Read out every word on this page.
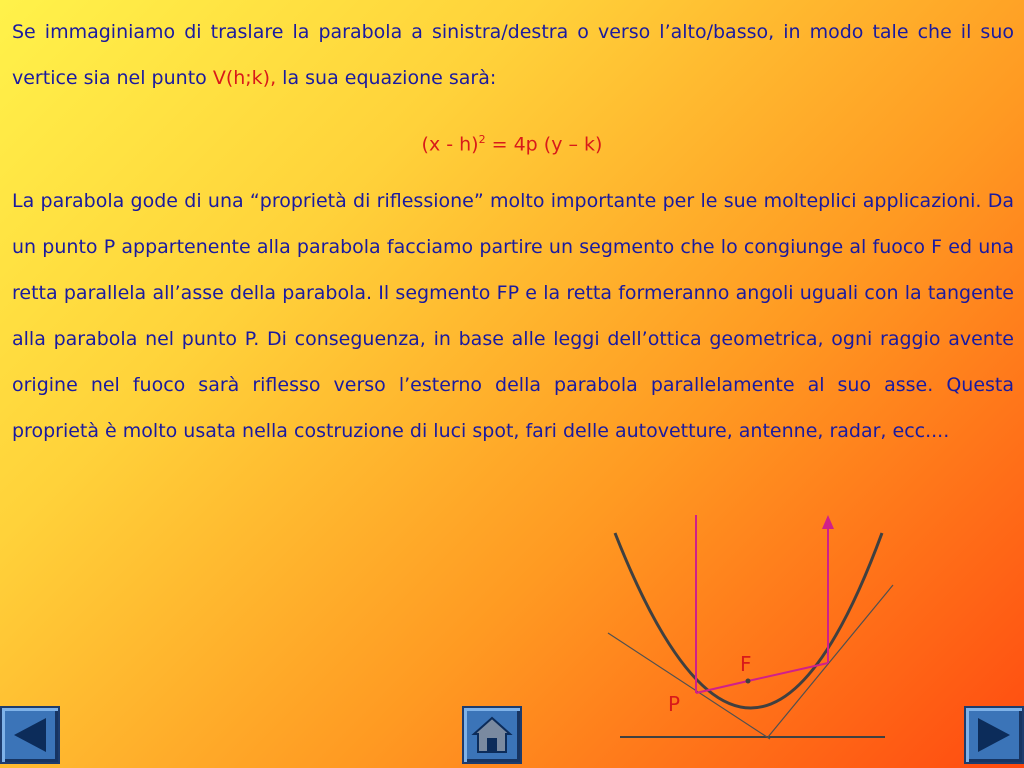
Se immaginiamo di traslare la parabola a sinistra/destra o verso l’alto/basso, in modo tale che il suo vertice sia nel punto V(h;k), la sua equazione sarà:

(x - h)$^2$ = 4p (y – k)

La parabola gode di una “proprietà di riflessione” molto importante per le sue molteplici applicazioni. Da un punto P appartenente alla parabola facciamo partire un segmento che lo congiunge al fuoco F ed una retta parallela all’asse della parabola. Il segmento FP e la retta formeranno angoli uguali con la tangente alla parabola nel punto P. Di conseguenza, in base alle leggi dell’ottica geometrica, ogni raggio avente origine nel fuoco sarà riflesso verso l’esterno della parabola parallelamente al suo asse. Questa proprietà è molto usata nella costruzione di luci spot, fari delle autovetture, antenne, radar, ecc....

F
P
